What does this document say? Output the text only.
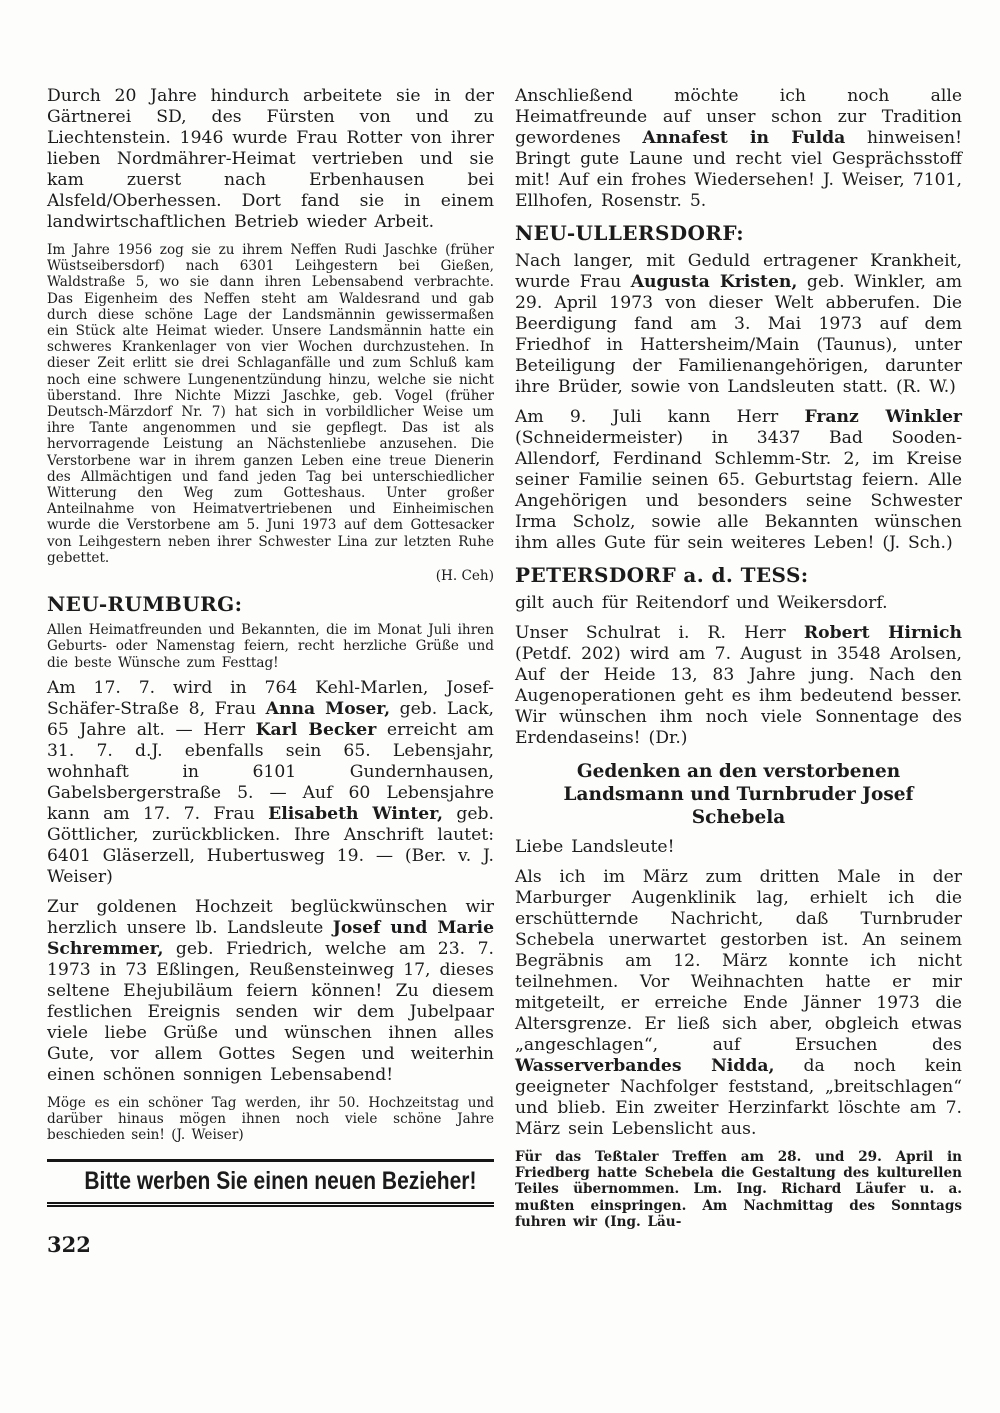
Durch 20 Jahre hindurch arbeitete sie in der Gärtnerei SD, des Fürsten von und zu Liechtenstein. 1946 wurde Frau Rotter von ihrer lieben Nordmährer-Heimat vertrieben und sie kam zuerst nach Erbenhausen bei Alsfeld/Oberhessen. Dort fand sie in einem landwirtschaftlichen Betrieb wieder Arbeit.

Im Jahre 1956 zog sie zu ihrem Neffen Rudi Jaschke (früher Wüstseibersdorf) nach 6301 Leihgestern bei Gießen, Waldstraße 5, wo sie dann ihren Lebensabend verbrachte. Das Eigenheim des Neffen steht am Waldesrand und gab durch diese schöne Lage der Landsmännin gewissermaßen ein Stück alte Heimat wieder. Unsere Landsmännin hatte ein schweres Krankenlager von vier Wochen durchzustehen. In dieser Zeit erlitt sie drei Schlaganfälle und zum Schluß kam noch eine schwere Lungenentzündung hinzu, welche sie nicht überstand. Ihre Nichte Mizzi Jaschke, geb. Vogel (früher Deutsch-Märzdorf Nr. 7) hat sich in vorbildlicher Weise um ihre Tante angenommen und sie gepflegt. Das ist als hervorragende Leistung an Nächstenliebe anzusehen. Die Verstorbene war in ihrem ganzen Leben eine treue Dienerin des Allmächtigen und fand jeden Tag bei unterschiedlicher Witterung den Weg zum Gotteshaus. Unter großer Anteilnahme von Heimatvertriebenen und Einheimischen wurde die Verstorbene am 5. Juni 1973 auf dem Gottesacker von Leihgestern neben ihrer Schwester Lina zur letzten Ruhe gebettet.

(H. Ceh)

NEU-RUMBURG:

Allen Heimatfreunden und Bekannten, die im Monat Juli ihren Geburts- oder Namenstag feiern, recht herzliche Grüße und die beste Wünsche zum Festtag!

Am 17. 7. wird in 764 Kehl-Marlen, Josef-Schäfer-Straße 8, Frau Anna Moser, geb. Lack, 65 Jahre alt. — Herr Karl Becker erreicht am 31. 7. d.J. ebenfalls sein 65. Lebensjahr, wohnhaft in 6101 Gundernhausen, Gabelsbergerstraße 5. — Auf 60 Lebensjahre kann am 17. 7. Frau Elisabeth Winter, geb. Göttlicher, zurückblicken. Ihre Anschrift lautet: 6401 Gläserzell, Hubertusweg 19. — (Ber. v. J. Weiser)

Zur goldenen Hochzeit beglückwünschen wir herzlich unsere lb. Landsleute Josef und Marie Schremmer, geb. Friedrich, welche am 23. 7. 1973 in 73 Eßlingen, Reußensteinweg 17, dieses seltene Ehejubiläum feiern können! Zu diesem festlichen Ereignis senden wir dem Jubelpaar viele liebe Grüße und wünschen ihnen alles Gute, vor allem Gottes Segen und weiterhin einen schönen sonnigen Lebensabend!

Möge es ein schöner Tag werden, ihr 50. Hochzeitstag und darüber hinaus mögen ihnen noch viele schöne Jahre beschieden sein! (J. Weiser)

Bitte werben Sie einen neuen Bezieher!
322

Anschließend möchte ich noch alle Heimatfreunde auf unser schon zur Tradition gewordenes Annafest in Fulda hinweisen! Bringt gute Laune und recht viel Gesprächsstoff mit! Auf ein frohes Wiedersehen! J. Weiser, 7101, Ellhofen, Rosenstr. 5.

NEU-ULLERSDORF:

Nach langer, mit Geduld ertragener Krankheit, wurde Frau Augusta Kristen, geb. Winkler, am 29. April 1973 von dieser Welt abberufen. Die Beerdigung fand am 3. Mai 1973 auf dem Friedhof in Hattersheim/Main (Taunus), unter Beteiligung der Familienangehörigen, darunter ihre Brüder, sowie von Landsleuten statt. (R. W.)

Am 9. Juli kann Herr Franz Winkler (Schneidermeister) in 3437 Bad Sooden-Allendorf, Ferdinand Schlemm-Str. 2, im Kreise seiner Familie seinen 65. Geburtstag feiern. Alle Angehörigen und besonders seine Schwester Irma Scholz, sowie alle Bekannten wünschen ihm alles Gute für sein weiteres Leben! (J. Sch.)

PETERSDORF a. d. TESS:

gilt auch für Reitendorf und Weikersdorf.

Unser Schulrat i. R. Herr Robert Hirnich (Petdf. 202) wird am 7. August in 3548 Arolsen, Auf der Heide 13, 83 Jahre jung. Nach den Augenoperationen geht es ihm bedeutend besser. Wir wünschen ihm noch viele Sonnentage des Erdendaseins! (Dr.)

Gedenken an den verstorbenen Landsmann und Turnbruder Josef Schebela

Liebe Landsleute!

Als ich im März zum dritten Male in der Marburger Augenklinik lag, erhielt ich die erschütternde Nachricht, daß Turnbruder Schebela unerwartet gestorben ist. An seinem Begräbnis am 12. März konnte ich nicht teilnehmen. Vor Weihnachten hatte er mir mitgeteilt, er erreiche Ende Jänner 1973 die Altersgrenze. Er ließ sich aber, obgleich etwas „angeschlagen“, auf Ersuchen des Wasserverbandes Nidda, da noch kein geeigneter Nachfolger feststand, „breitschlagen“ und blieb. Ein zweiter Herzinfarkt löschte am 7. März sein Lebenslicht aus.

Für das Teßtaler Treffen am 28. und 29. April in Friedberg hatte Schebela die Gestaltung des kulturellen Teiles übernommen. Lm. Ing. Richard Läufer u. a. mußten einspringen. Am Nachmittag des Sonntags fuhren wir (Ing. Läu-
